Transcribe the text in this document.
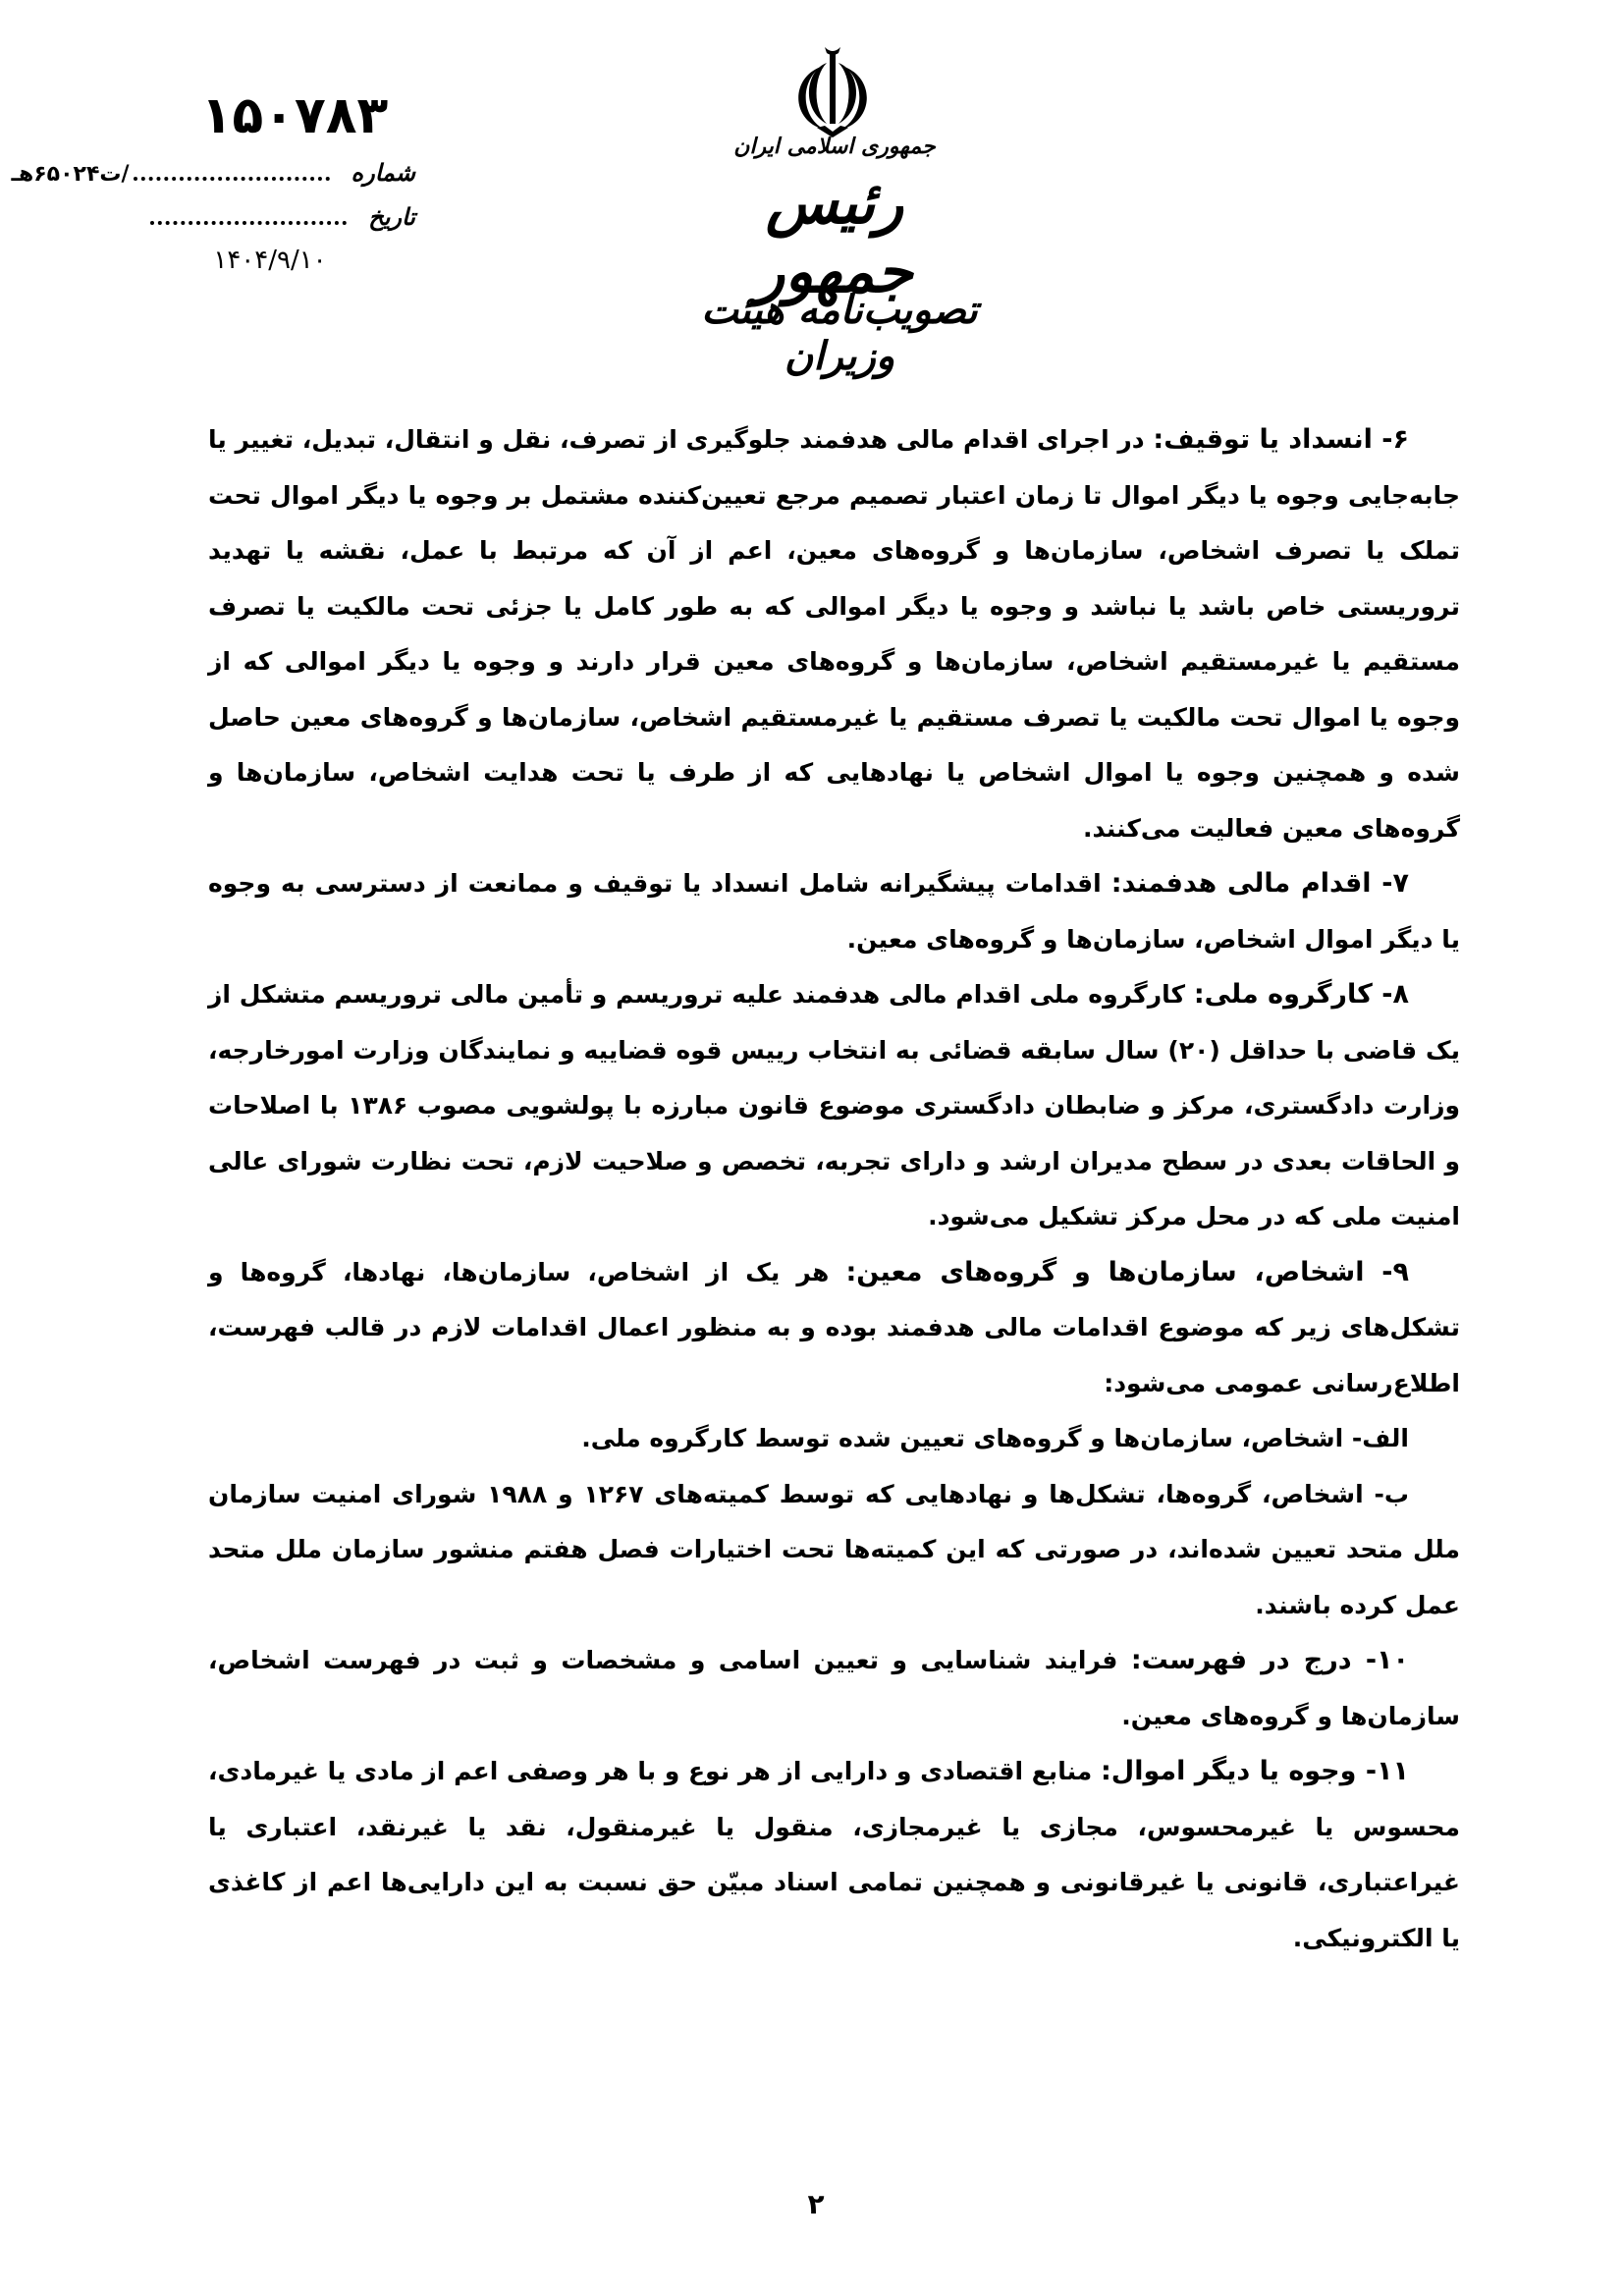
۱۵۰۷۸۳
شماره
/ت۶۵۰۲۴هـ
تاریخ
۱۴۰۴/۹/۱۰
جمهوری اسلامی ایران
رئیس جمهور
تصویب‌نامه هیئت وزیران

۶- انسداد یا توقیف: در اجرای اقدام مالی هدفمند جلوگیری از تصرف، نقل و انتقال، تبدیل، تغییر یا جابه‌جایی وجوه یا دیگر اموال تا زمان اعتبار تصمیم مرجع تعیین‌کننده مشتمل بر وجوه یا دیگر اموال تحت تملک یا تصرف اشخاص، سازمان‌ها و گروه‌های معین، اعم از آن که مرتبط با عمل، نقشه یا تهدید تروریستی خاص باشد یا نباشد و وجوه یا دیگر اموالی که به طور کامل یا جزئی تحت مالکیت یا تصرف مستقیم یا غیرمستقیم اشخاص، سازمان‌ها و گروه‌های معین قرار دارند و وجوه یا دیگر اموالی که از وجوه یا اموال تحت مالکیت یا تصرف مستقیم یا غیرمستقیم اشخاص، سازمان‌ها و گروه‌های معین حاصل شده و همچنین وجوه یا اموال اشخاص یا نهادهایی که از طرف یا تحت هدایت اشخاص، سازمان‌ها و گروه‌های معین فعالیت می‌کنند.

۷- اقدام مالی هدفمند: اقدامات پیشگیرانه شامل انسداد یا توقیف و ممانعت از دسترسی به وجوه یا دیگر اموال اشخاص، سازمان‌ها و گروه‌های معین.

۸- کارگروه ملی: کارگروه ملی اقدام مالی هدفمند علیه تروریسم و تأمین مالی تروریسم متشکل از یک قاضی با حداقل (۲۰) سال سابقه قضائی به انتخاب رییس قوه قضاییه و نمایندگان وزارت امورخارجه، وزارت دادگستری، مرکز و ضابطان دادگستری موضوع قانون مبارزه با پولشویی مصوب ۱۳۸۶ با اصلاحات و الحاقات بعدی در سطح مدیران ارشد و دارای تجربه، تخصص و صلاحیت لازم، تحت نظارت شورای عالی امنیت ملی که در محل مرکز تشکیل می‌شود.

۹- اشخاص، سازمان‌ها و گروه‌های معین: هر یک از اشخاص، سازمان‌ها، نهادها، گروه‌ها و تشکل‌های زیر که موضوع اقدامات مالی هدفمند بوده و به منظور اعمال اقدامات لازم در قالب فهرست، اطلاع‌رسانی عمومی می‌شود:

الف- اشخاص، سازمان‌ها و گروه‌های تعیین شده توسط کارگروه ملی.

ب- اشخاص، گروه‌ها، تشکل‌ها و نهادهایی که توسط کمیته‌های ۱۲۶۷ و ۱۹۸۸ شورای امنیت سازمان ملل متحد تعیین شده‌اند، در صورتی که این کمیته‌ها تحت اختیارات فصل هفتم منشور سازمان ملل متحد عمل کرده باشند.

۱۰- درج در فهرست: فرایند شناسایی و تعیین اسامی و مشخصات و ثبت در فهرست اشخاص، سازمان‌ها و گروه‌های معین.

۱۱- وجوه یا دیگر اموال: منابع اقتصادی و دارایی از هر نوع و با هر وصفی اعم از مادی یا غیرمادی، محسوس یا غیرمحسوس، مجازی یا غیرمجازی، منقول یا غیرمنقول، نقد یا غیرنقد، اعتباری یا غیراعتباری، قانونی یا غیرقانونی و همچنین تمامی اسناد مبیّن حق نسبت به این دارایی‌ها اعم از کاغذی یا الکترونیکی.

۲
